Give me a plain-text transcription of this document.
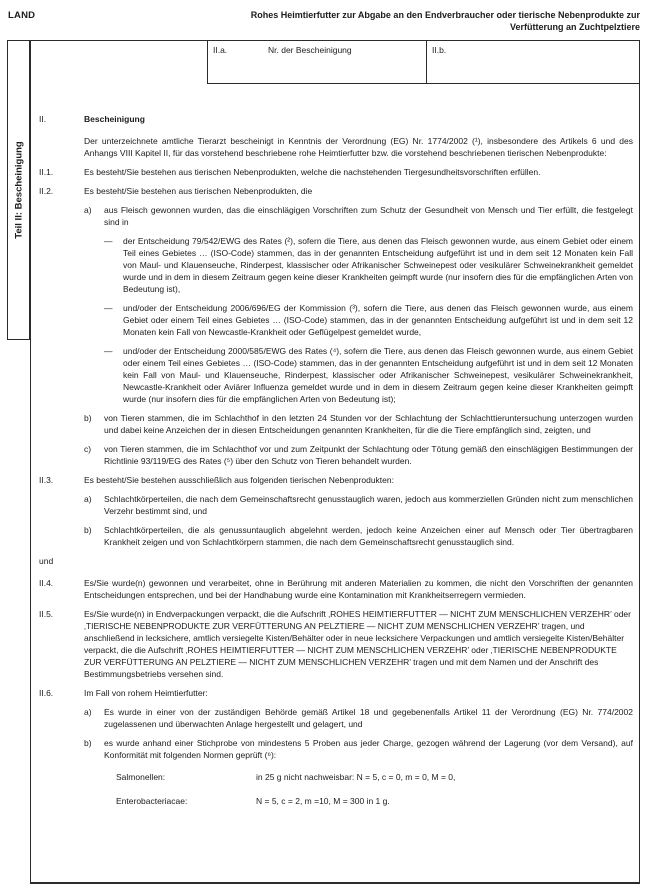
LAND	Rohes Heimtierfutter zur Abgabe an den Endverbraucher oder tierische Nebenprodukte zur
Verfütterung an Zuchtpelztiere
Teil II: Bescheinigung
II.a.	Nr. der Bescheinigung	II.b.
II.	Bescheinigung
Der unterzeichnete amtliche Tierarzt bescheinigt in Kenntnis der Verordnung (EG) Nr. 1774/2002 (¹), insbesondere des Artikels 6 und des Anhangs VIII Kapitel II, für das vorstehend beschriebene rohe Heimtierfutter bzw. die vorstehend beschriebenen tierischen Nebenprodukte:
II.1.	Es besteht/Sie bestehen aus tierischen Nebenprodukten, welche die nachstehenden Tiergesundheitsvorschriften erfüllen.
II.2.	Es besteht/Sie bestehen aus tierischen Nebenprodukten, die
a)	aus Fleisch gewonnen wurden, das die einschlägigen Vorschriften zum Schutz der Gesundheit von Mensch und Tier erfüllt, die festgelegt sind in
—	der Entscheidung 79/542/EWG des Rates (²), sofern die Tiere, aus denen das Fleisch gewonnen wurde, aus einem Gebiet oder einem Teil eines Gebietes … (ISO-Code) stammen, das in der genannten Entscheidung aufgeführt ist und in dem seit 12 Monaten kein Fall von Maul- und Klauenseuche, Rinderpest, klassischer oder Afrikanischer Schweinepest oder vesikulärer Schweinekrankheit gemeldet wurde und in dem in diesem Zeitraum gegen keine dieser Krankheiten geimpft wurde (nur insofern dies für die empfänglichen Arten von Bedeutung ist),
—	und/oder der Entscheidung 2006/696/EG der Kommission (³), sofern die Tiere, aus denen das Fleisch gewonnen wurde, aus einem Gebiet oder einem Teil eines Gebietes … (ISO-Code) stammen, das in der genannten Entscheidung aufgeführt ist und in dem seit 12 Monaten kein Fall von Newcastle-Krankheit oder Geflügelpest gemeldet wurde,
—	und/oder der Entscheidung 2000/585/EWG des Rates (⁴), sofern die Tiere, aus denen das Fleisch gewonnen wurde, aus einem Gebiet oder einem Teil eines Gebietes … (ISO-Code) stammen, das in der genannten Entscheidung aufgeführt ist und in dem seit 12 Monaten kein Fall von Maul- und Klauenseuche, Rinderpest, klassischer oder Afrikanischer Schweinepest, vesikulärer Schweinekrankheit, Newcastle-Krankheit oder Aviärer Influenza gemeldet wurde und in dem in diesem Zeitraum gegen keine dieser Krankheiten geimpft wurde (nur insofern dies für die empfänglichen Arten von Bedeutung ist);
b)	von Tieren stammen, die im Schlachthof in den letzten 24 Stunden vor der Schlachtung der Schlachttieruntersuchung unterzogen wurden und dabei keine Anzeichen der in diesen Entscheidungen genannten Krankheiten, für die die Tiere empfänglich sind, zeigten, und
c)	von Tieren stammen, die im Schlachthof vor und zum Zeitpunkt der Schlachtung oder Tötung gemäß den einschlägigen Bestimmungen der Richtlinie 93/119/EG des Rates (⁵) über den Schutz von Tieren behandelt wurden.
II.3.	Es besteht/Sie bestehen ausschließlich aus folgenden tierischen Nebenprodukten:
a)	Schlachtkörperteilen, die nach dem Gemeinschaftsrecht genusstauglich waren, jedoch aus kommerziellen Gründen nicht zum menschlichen Verzehr bestimmt sind, und
b)	Schlachtkörperteilen, die als genussuntauglich abgelehnt werden, jedoch keine Anzeichen einer auf Mensch oder Tier übertragbaren Krankheit zeigen und von Schlachtkörpern stammen, die nach dem Gemeinschaftsrecht genusstauglich sind.
und
II.4.	Es/Sie wurde(n) gewonnen und verarbeitet, ohne in Berührung mit anderen Materialien zu kommen, die nicht den Vorschriften der genannten Entscheidungen entsprechen, und bei der Handhabung wurde eine Kontamination mit Krankheitserregern vermieden.
II.5.	Es/Sie wurde(n) in Endverpackungen verpackt, die die Aufschrift ‚ROHES HEIMTIERFUTTER — NICHT ZUM MENSCHLICHEN VERZEHR’ oder ‚TIERISCHE NEBENPRODUKTE ZUR VERFÜTTERUNG AN PELZTIERE — NICHT ZUM MENSCHLICHEN VERZEHR’ tragen, und anschließend in lecksichere, amtlich versiegelte Kisten/Behälter oder in neue lecksichere Verpackungen und amtlich versiegelte Kisten/Behälter verpackt, die die Aufschrift ‚ROHES HEIMTIERFUTTER — NICHT ZUM MENSCHLICHEN VERZEHR’ oder ‚TIERISCHE NEBENPRODUKTE ZUR VERFÜTTERUNG AN PELZTIERE — NICHT ZUM MENSCHLICHEN VERZEHR’ tragen und mit dem Namen und der Anschrift des Bestimmungsbetriebs versehen sind.
II.6.	Im Fall von rohem Heimtierfutter:
a)	Es wurde in einer von der zuständigen Behörde gemäß Artikel 18 und gegebenenfalls Artikel 11 der Verordnung (EG) Nr. 774/2002 zugelassenen und überwachten Anlage hergestellt und gelagert, und
b)	es wurde anhand einer Stichprobe von mindestens 5 Proben aus jeder Charge, gezogen während der Lagerung (vor dem Versand), auf Konformität mit folgenden Normen geprüft (⁶):
Salmonellen:	in 25 g nicht nachweisbar: N = 5, c = 0, m = 0, M = 0,
Enterobacteriacae:	N = 5, c = 2, m =10, M = 300 in 1 g.
